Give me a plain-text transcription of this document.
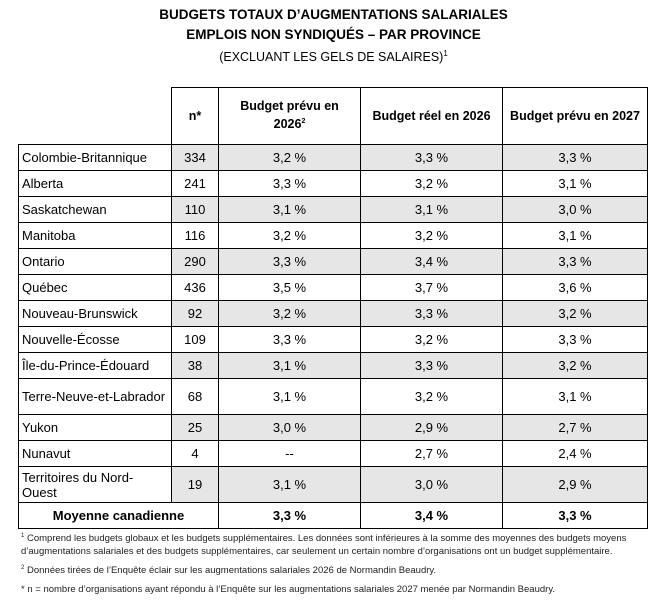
BUDGETS TOTAUX D’AUGMENTATIONS SALARIALES
EMPLOIS NON SYNDIQUÉS – PAR PROVINCE
(EXCLUANT LES GELS DE SALAIRES)$^1$
	n*	Budget prévu en 2026$^2$	Budget réel en 2026	Budget prévu en 2027
Colombie-Britannique	334	3,2 %	3,3 %	3,3 %
Alberta	241	3,3 %	3,2 %	3,1 %
Saskatchewan	110	3,1 %	3,1 %	3,0 %
Manitoba	116	3,2 %	3,2 %	3,1 %
Ontario	290	3,3 %	3,4 %	3,3 %
Québec	436	3,5 %	3,7 %	3,6 %
Nouveau-Brunswick	92	3,2 %	3,3 %	3,2 %
Nouvelle-Écosse	109	3,3 %	3,2 %	3,3 %
Île-du-Prince-Édouard	38	3,1 %	3,3 %	3,2 %
Terre-Neuve-et-Labrador	68	3,1 %	3,2 %	3,1 %
Yukon	25	3,0 %	2,9 %	2,7 %
Nunavut	4	--	2,7 %	2,4 %
Territoires du Nord-Ouest	19	3,1 %	3,0 %	2,9 %
Moyenne canadienne		3,3 %	3,4 %	3,3 %

$^1$ Comprend les budgets globaux et les budgets supplémentaires. Les données sont inférieures à la somme des moyennes des budgets moyens d’augmentations salariales et des budgets supplémentaires, car seulement un certain nombre d’organisations ont un budget supplémentaire.

$^2$ Données tirées de l’Enquête éclair sur les augmentations salariales 2026 de Normandin Beaudry.

* n = nombre d’organisations ayant répondu à l’Enquête sur les augmentations salariales 2027 menée par Normandin Beaudry.
